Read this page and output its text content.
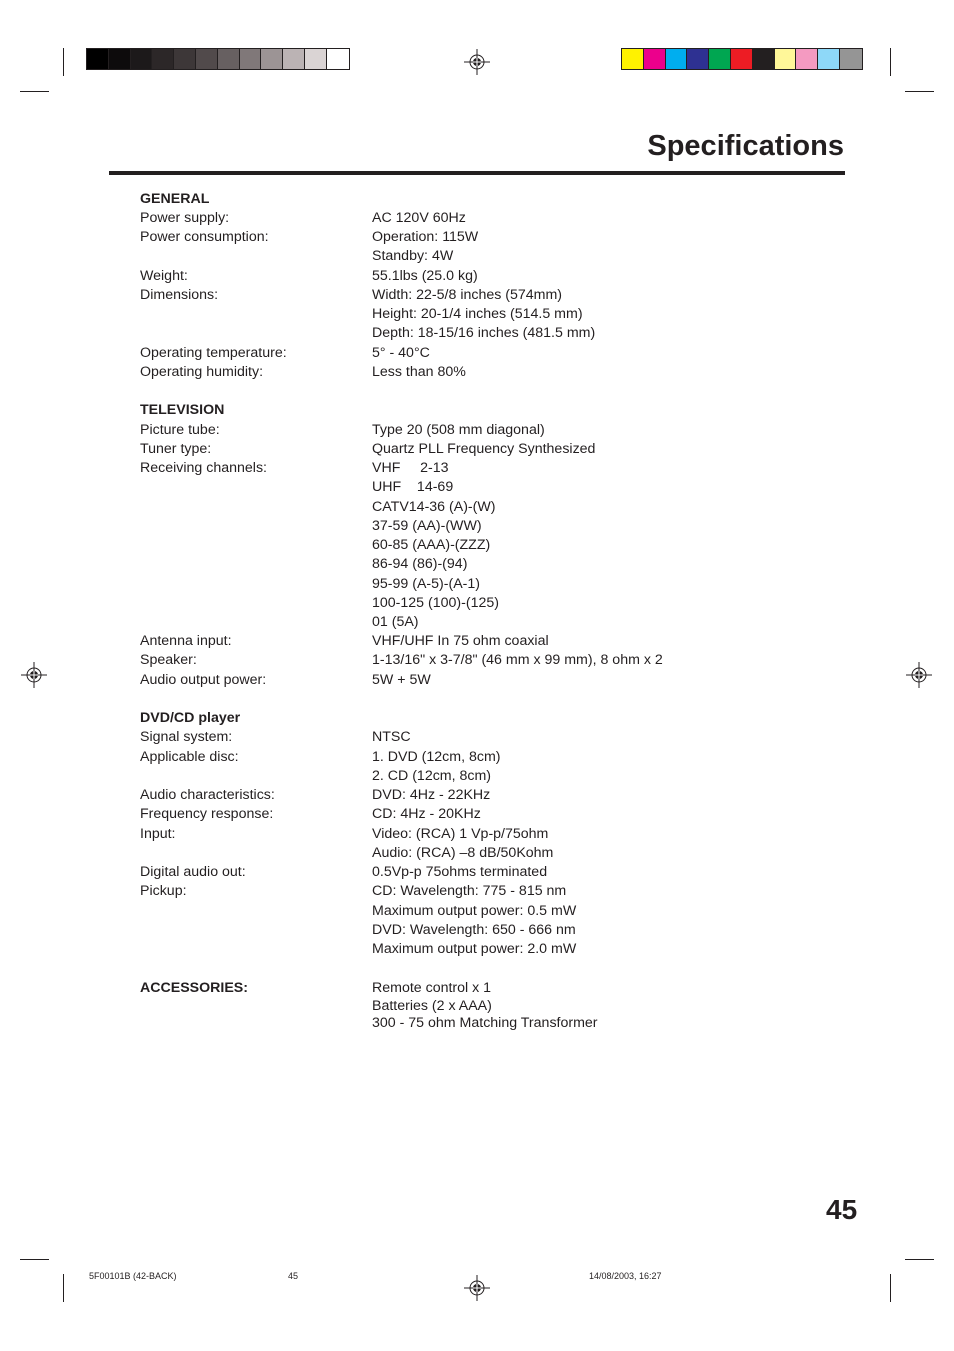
Specifications
GENERAL
Power supply:	AC 120V 60Hz
Power consumption:	Operation: 115W
Standby: 4W
Weight:	55.1lbs (25.0 kg)
Dimensions:	Width: 22-5/8 inches (574mm)
Height: 20-1/4 inches (514.5 mm)
Depth: 18-15/16 inches (481.5 mm)
Operating temperature:	5° - 40°C
Operating humidity:	Less than 80%
TELEVISION
Picture tube:	Type 20 (508 mm diagonal)
Tuner type:	Quartz PLL Frequency Synthesized
Receiving channels:	VHF     2-13
UHF    14-69
CATV14-36 (A)-(W)
37-59 (AA)-(WW)
60-85 (AAA)-(ZZZ)
86-94 (86)-(94)
95-99 (A-5)-(A-1)
100-125 (100)-(125)
01 (5A)
Antenna input:	VHF/UHF In 75 ohm coaxial
Speaker:	1-13/16" x 3-7/8" (46 mm x 99 mm), 8 ohm x 2
Audio output power:	5W + 5W
DVD/CD player
Signal system:	NTSC
Applicable disc:	1. DVD (12cm, 8cm)
2. CD (12cm, 8cm)
Audio characteristics:	DVD: 4Hz - 22KHz
Frequency response:	CD: 4Hz - 20KHz
Input:	Video: (RCA) 1 Vp-p/75ohm
Audio: (RCA) –8 dB/50Kohm
Digital audio out:	0.5Vp-p 75ohms terminated
Pickup:	CD: Wavelength: 775 - 815 nm
Maximum output power: 0.5 mW
DVD: Wavelength: 650 - 666 nm
Maximum output power: 2.0 mW
ACCESSORIES:	Remote control x 1
Batteries (2 x AAA)
300 - 75 ohm Matching Transformer
45
5F00101B (42-BACK)	45	14/08/2003, 16:27
